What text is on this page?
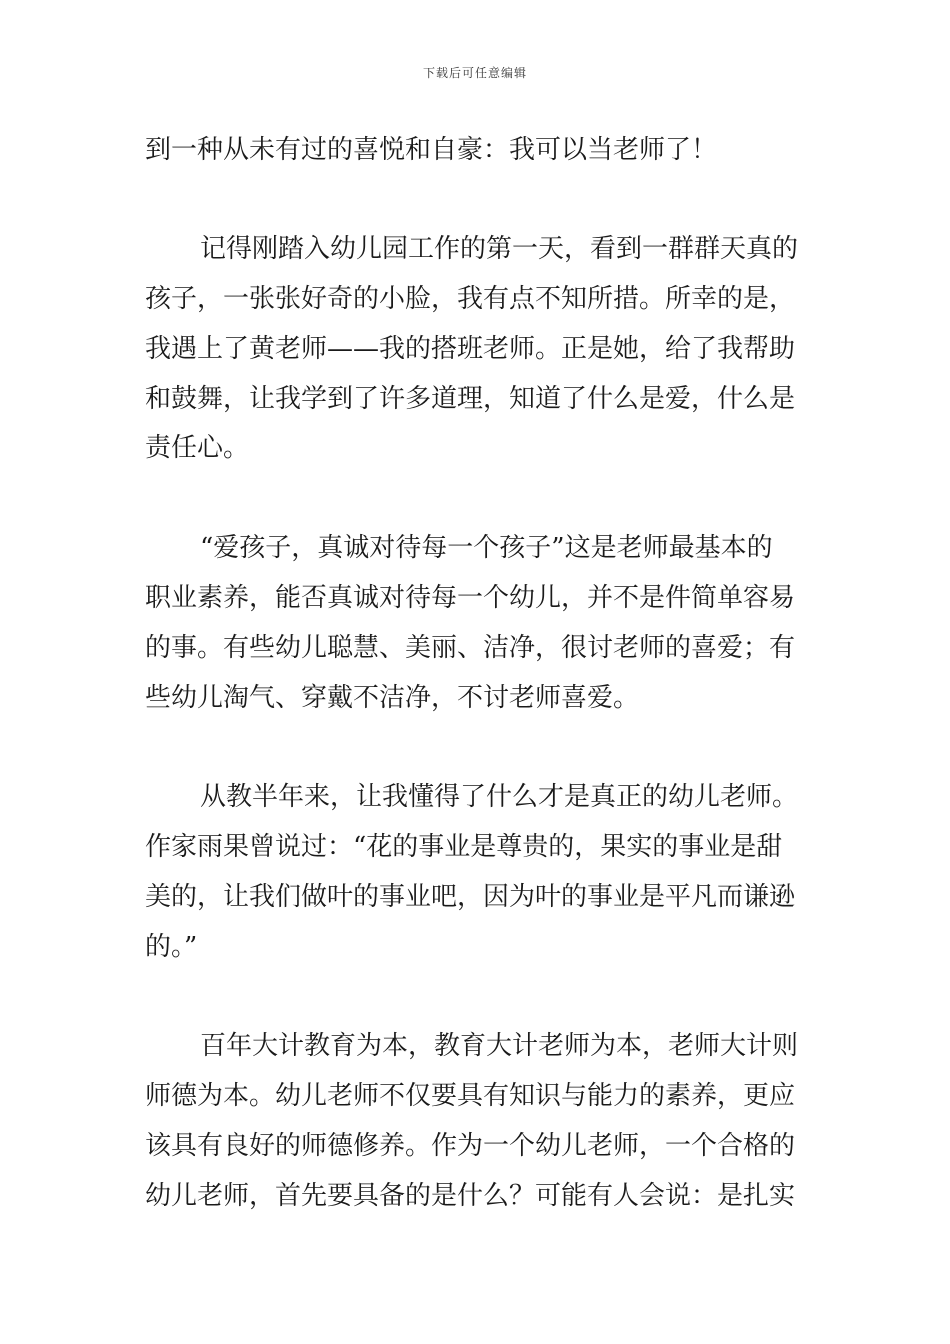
下载后可任意编辑
到一种从未有过的喜悦和自豪：我可以当老师了！
记得刚踏入幼儿园工作的第一天，看到一群群天真的
孩子，一张张好奇的小脸，我有点不知所措。所幸的是，
我遇上了黄老师——我的搭班老师。正是她，给了我帮助
和鼓舞，让我学到了许多道理，知道了什么是爱，什么是
责任心。
“爱孩子，真诚对待每一个孩子”这是老师最基本的
职业素养，能否真诚对待每一个幼儿，并不是件简单容易
的事。有些幼儿聪慧、美丽、洁净，很讨老师的喜爱；有
些幼儿淘气、穿戴不洁净，不讨老师喜爱。
从教半年来，让我懂得了什么才是真正的幼儿老师。
作家雨果曾说过：“花的事业是尊贵的，果实的事业是甜
美的，让我们做叶的事业吧，因为叶的事业是平凡而谦逊
的。”
百年大计教育为本，教育大计老师为本，老师大计则
师德为本。幼儿老师不仅要具有知识与能力的素养，更应
该具有良好的师德修养。作为一个幼儿老师，一个合格的
幼儿老师，首先要具备的是什么？可能有人会说：是扎实
